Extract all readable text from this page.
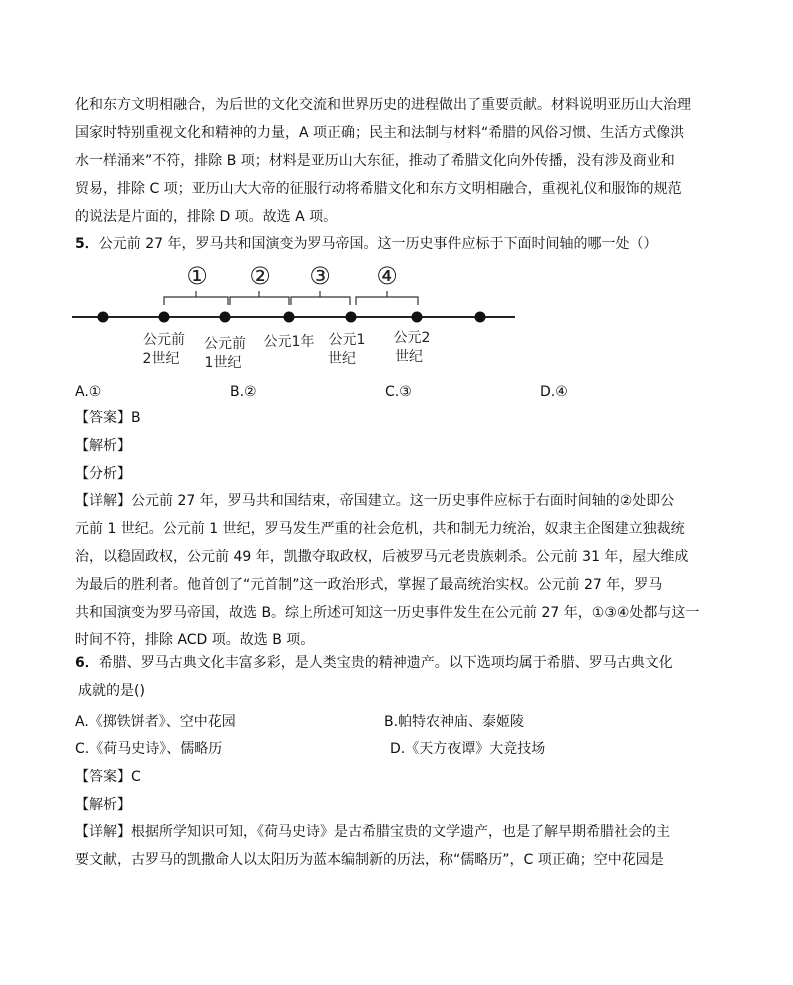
化和东方文明相融合，为后世的文化交流和世界历史的进程做出了重要贡献。材料说明亚历山大治理
国家时特别重视文化和精神的力量，A 项正确；民主和法制与材料“希腊的风俗习惯、生活方式像洪
水一样涌来”不符，排除 B 项；材料是亚历山大东征，推动了希腊文化向外传播，没有涉及商业和
贸易，排除 C 项；亚历山大大帝的征服行动将希腊文化和东方文明相融合，重视礼仪和服饰的规范
的说法是片面的，排除 D 项。故选 A 项。
5．公元前 27 年，罗马共和国演变为罗马帝国。这一历史事件应标于下面时间轴的哪一处（）
① ② ③ ④
公元前
2世纪
公元前
1世纪
公元1年 公元1
世纪
公元2
世纪
A.①	B.②	C.③	D.④
【答案】B
【解析】
【分析】
【详解】公元前 27 年，罗马共和国结束，帝国建立。这一历史事件应标于右面时间轴的②处即公
元前 1 世纪。公元前 1 世纪，罗马发生严重的社会危机，共和制无力统治，奴隶主企图建立独裁统
治，以稳固政权，公元前 49 年，凯撒夺取政权，后被罗马元老贵族刺杀。公元前 31 年，屋大维成
为最后的胜利者。他首创了“元首制”这一政治形式，掌握了最高统治实权。公元前 27 年，罗马
共和国演变为罗马帝国，故选 B。综上所述可知这一历史事件发生在公元前 27 年，①③④处都与这一
时间不符，排除 ACD 项。故选 B 项。
6．希腊、罗马古典文化丰富多彩，是人类宝贵的精神遗产。以下选项均属于希腊、罗马古典文化
成就的是()
A.《掷铁饼者》、空中花园	B.帕特农神庙、泰姬陵
C.《荷马史诗》、儒略历	D.《天方夜谭》大竞技场
【答案】C
【解析】
【详解】根据所学知识可知，《荷马史诗》是古希腊宝贵的文学遗产，也是了解早期希腊社会的主
要文献，古罗马的凯撒命人以太阳历为蓝本编制新的历法，称“儒略历”，C 项正确；空中花园是
